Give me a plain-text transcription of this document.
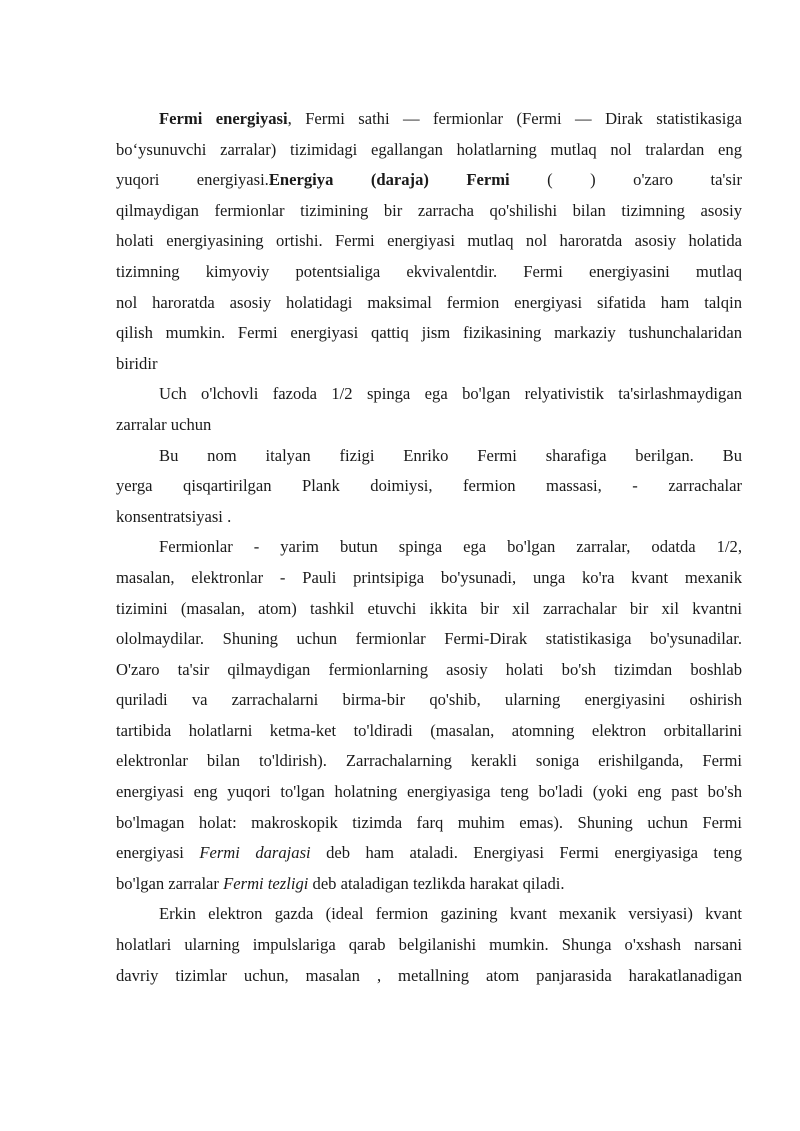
Fermi energiyasi, Fermi sathi — fermionlar (Fermi — Dirak statistikasiga
bo‘ysunuvchi zarralar) tizimidagi egallangan holatlarning mutlaq nol tralardan eng
yuqori energiyasi.Energiya (daraja) Fermi ( ) o'zaro ta'sir
qilmaydigan fermionlar tizimining bir zarracha qo'shilishi bilan tizimning asosiy
holati energiyasining ortishi. Fermi energiyasi mutlaq nol haroratda asosiy holatida
tizimning kimyoviy potentsialiga ekvivalentdir. Fermi energiyasini mutlaq
nol haroratda asosiy holatidagi maksimal fermion energiyasi sifatida ham talqin
qilish mumkin. Fermi energiyasi qattiq jism fizikasining markaziy tushunchalaridan
biridir
Uch o'lchovli fazoda 1/2 spinga ega bo'lgan relyativistik ta'sirlashmaydigan
zarralar uchun
Bu nom italyan fizigi Enriko Fermi sharafiga berilgan. Bu
yerga qisqartirilgan Plank doimiysi, fermion massasi, - zarrachalar
konsentratsiyasi .
Fermionlar - yarim butun spinga ega bo'lgan zarralar, odatda 1/2,
masalan, elektronlar - Pauli printsipiga bo'ysunadi, unga ko'ra kvant mexanik
tizimini (masalan, atom) tashkil etuvchi ikkita bir xil zarrachalar bir xil kvantni
ololmaydilar. Shuning uchun fermionlar Fermi-Dirak statistikasiga bo'ysunadilar.
O'zaro ta'sir qilmaydigan fermionlarning asosiy holati bo'sh tizimdan boshlab
quriladi va zarrachalarni birma-bir qo'shib, ularning energiyasini oshirish
tartibida holatlarni ketma-ket to'ldiradi (masalan, atomning elektron orbitallarini
elektronlar bilan to'ldirish). Zarrachalarning kerakli soniga erishilganda, Fermi
energiyasi eng yuqori to'lgan holatning energiyasiga teng bo'ladi (yoki eng past bo'sh
bo'lmagan holat: makroskopik tizimda farq muhim emas). Shuning uchun Fermi
energiyasi Fermi darajasi deb ham ataladi. Energiyasi Fermi energiyasiga teng
bo'lgan zarralar Fermi tezligi deb ataladigan tezlikda harakat qiladi.
Erkin elektron gazda (ideal fermion gazining kvant mexanik versiyasi) kvant
holatlari ularning impulslariga qarab belgilanishi mumkin. Shunga o'xshash narsani
davriy tizimlar uchun, masalan , metallning atom panjarasida harakatlanadigan
